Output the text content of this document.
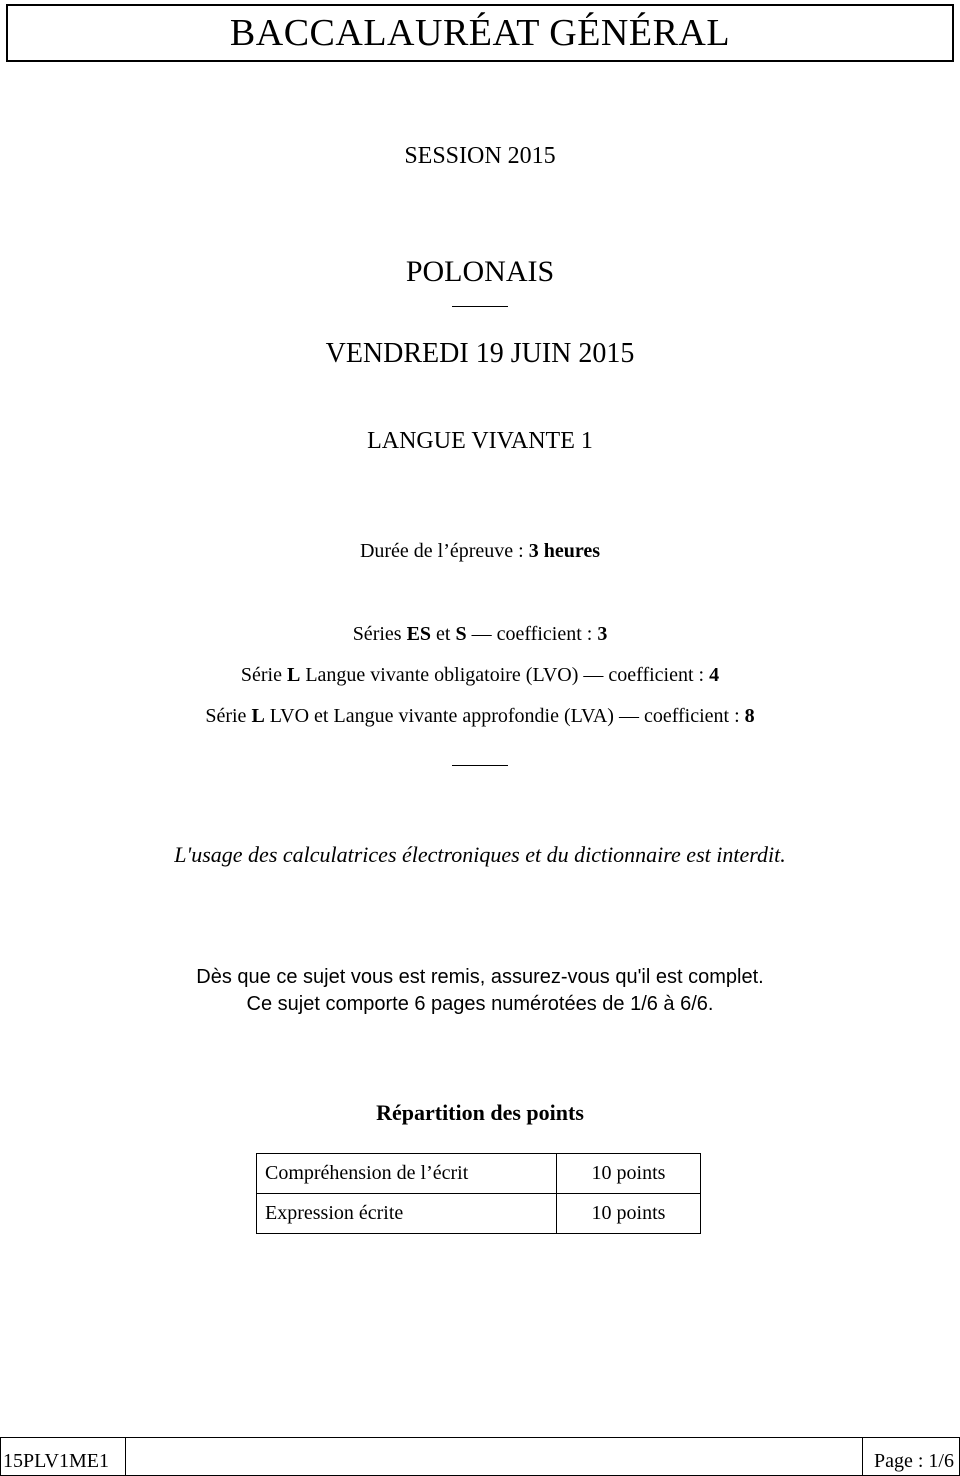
BACCALAURÉAT GÉNÉRAL
SESSION 2015
POLONAIS
VENDREDI 19 JUIN 2015
LANGUE VIVANTE 1
Durée de l’épreuve : 3 heures
Séries ES et S — coefficient : 3
Série L Langue vivante obligatoire (LVO) — coefficient : 4
Série L LVO et Langue vivante approfondie (LVA) — coefficient : 8
L'usage des calculatrices électroniques et du dictionnaire est interdit.
Dès que ce sujet vous est remis, assurez-vous qu'il est complet.
Ce sujet comporte 6 pages numérotées de 1/6 à 6/6.
Répartition des points
Compréhension de l’écrit	10 points
Expression écrite	10 points
15PLV1ME1	Page : 1/6
